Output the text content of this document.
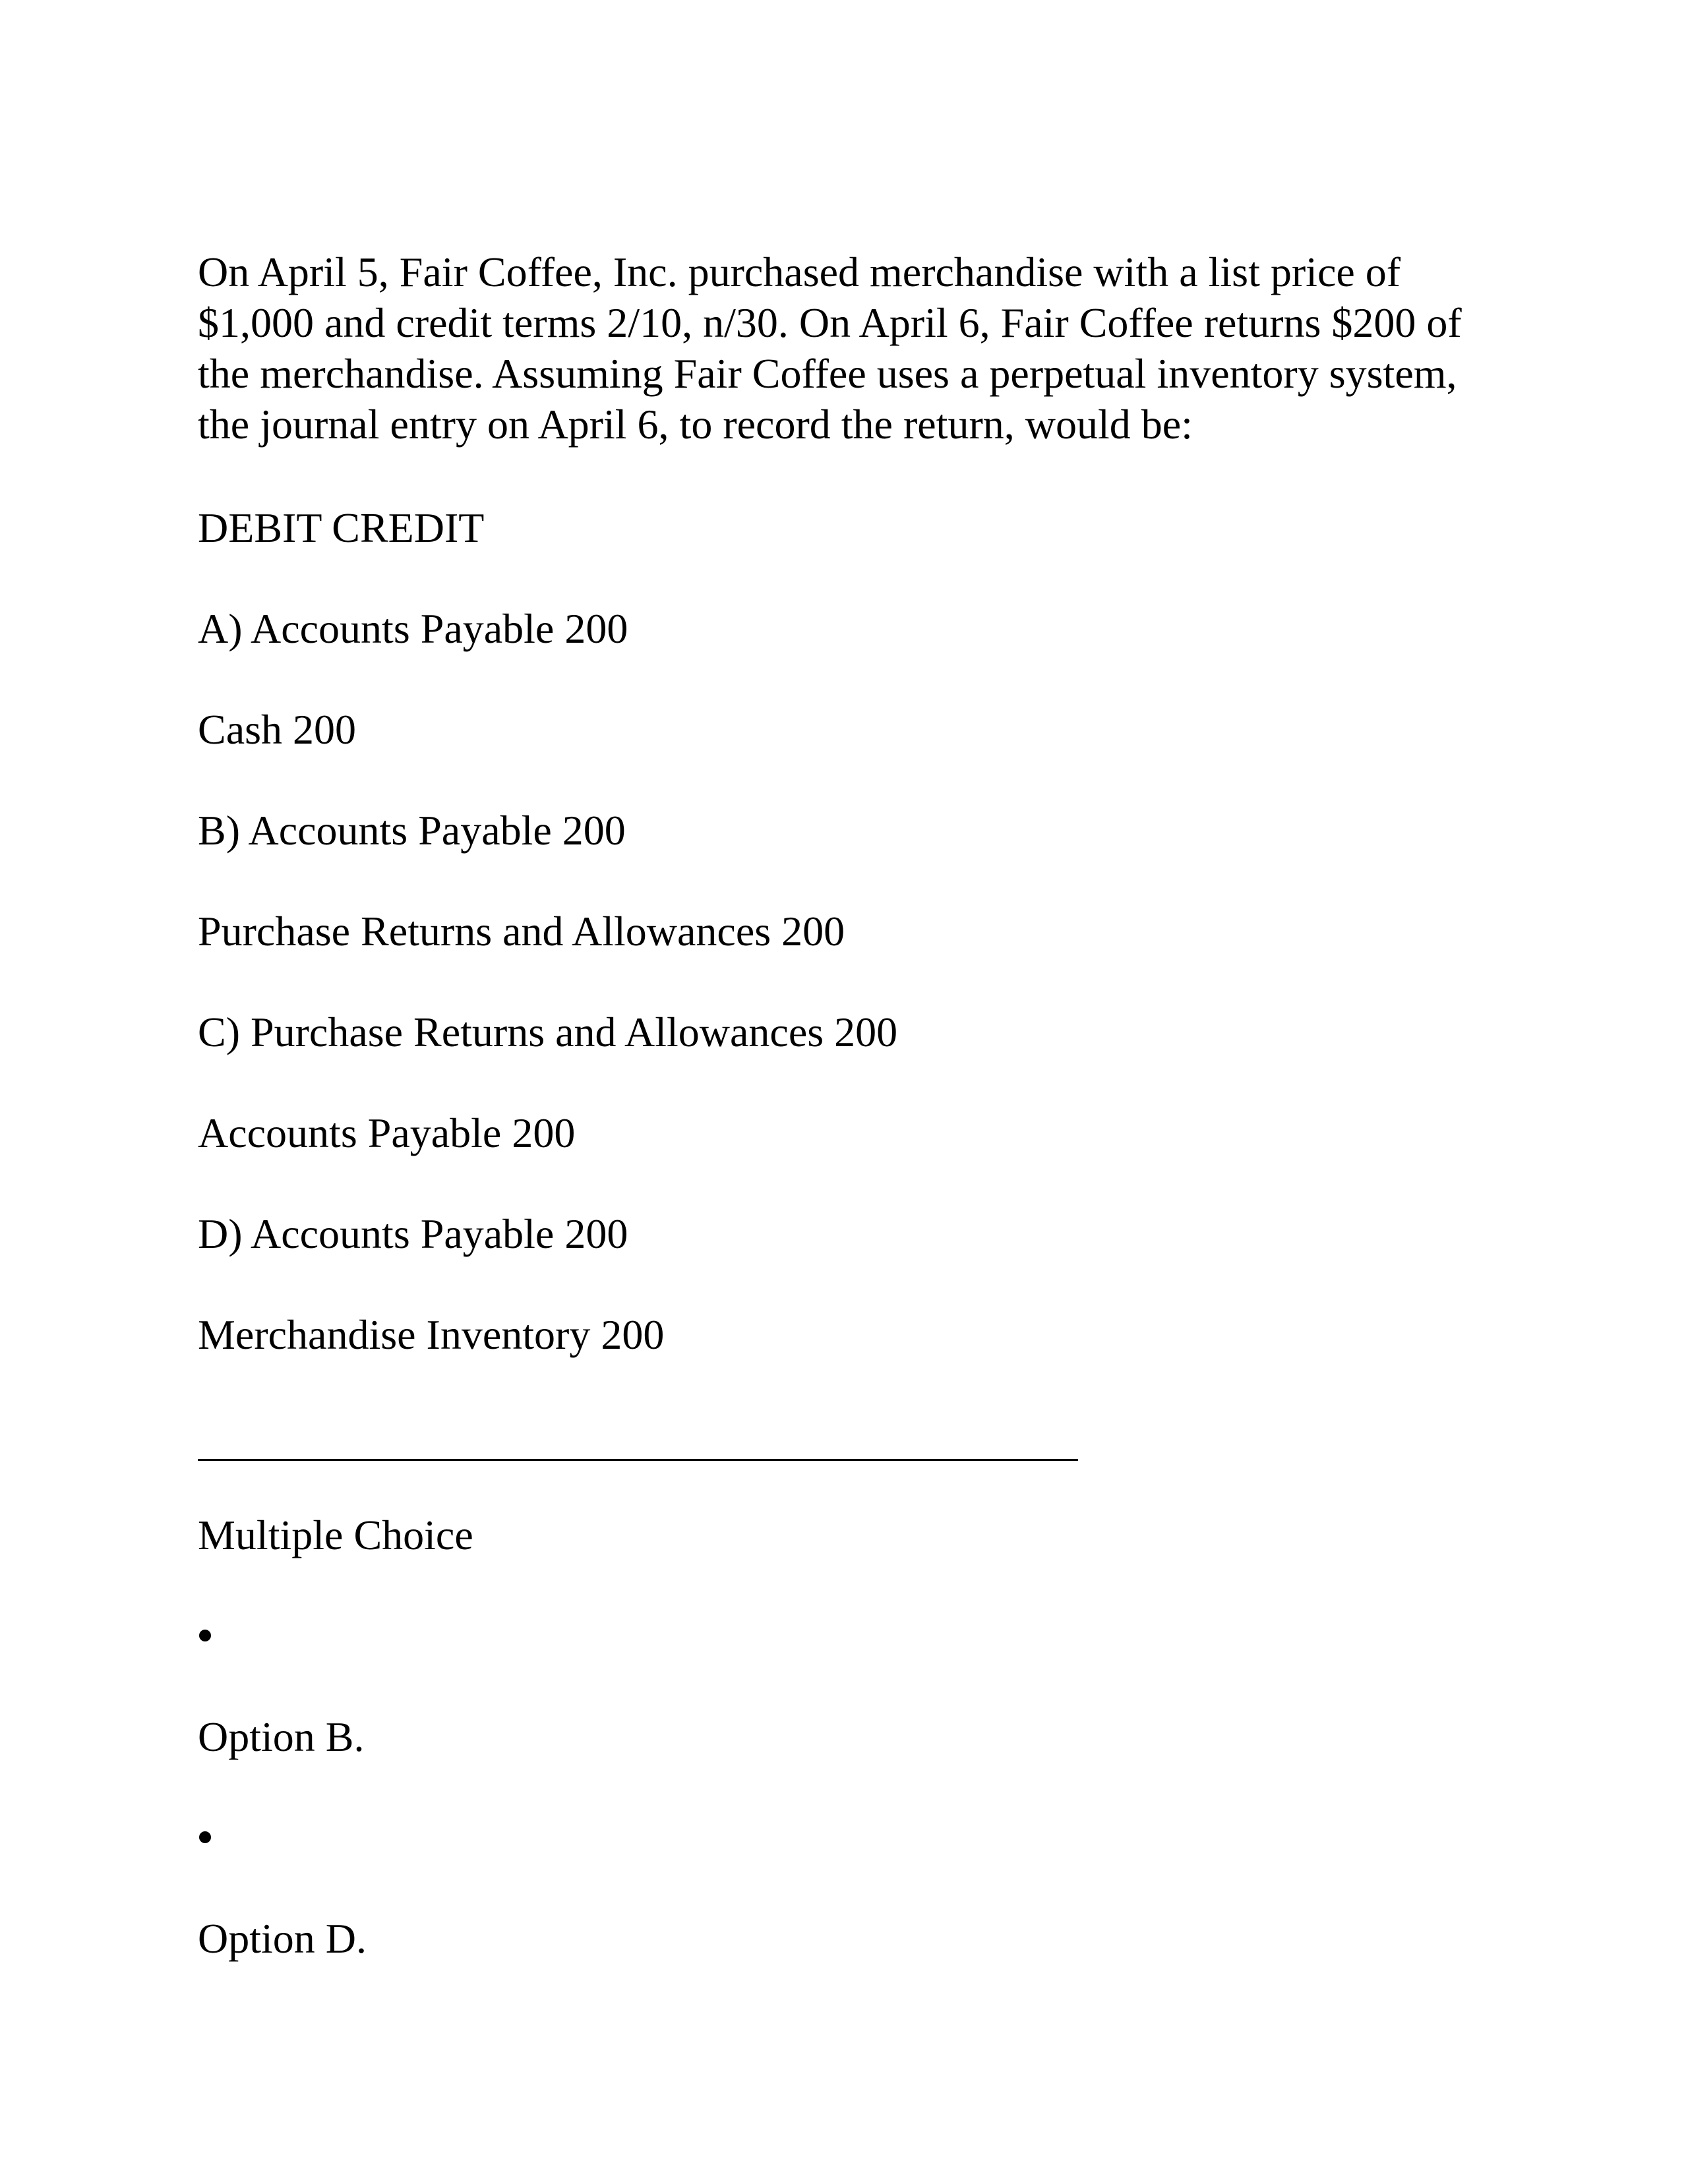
On April 5, Fair Coffee, Inc. purchased merchandise with a list price of $1,000 and credit terms 2/10, n/30. On April 6, Fair Coffee returns $200 of the merchandise. Assuming Fair Coffee uses a perpetual inventory system, the journal entry on April 6, to record the return, would be:

DEBIT CREDIT

A) Accounts Payable 200

Cash 200

B) Accounts Payable 200

Purchase Returns and Allowances 200

C) Purchase Returns and Allowances 200

Accounts Payable 200

D) Accounts Payable 200

Merchandise Inventory 200

Multiple Choice

Option B.

Option D.
